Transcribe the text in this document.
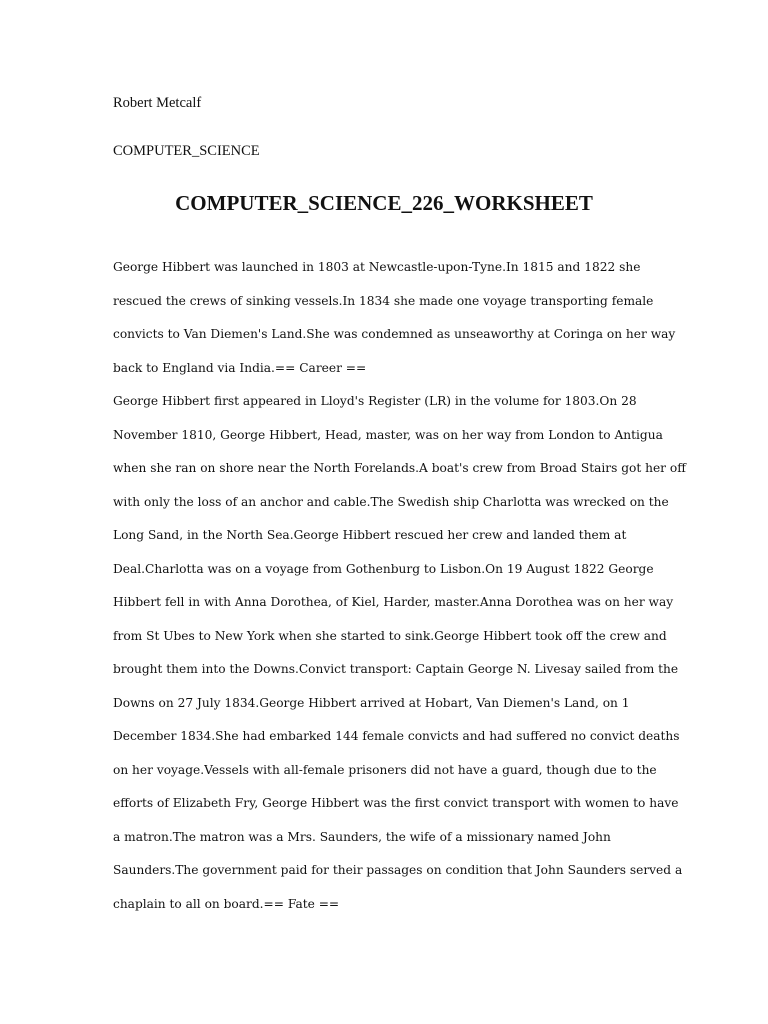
Robert Metcalf
COMPUTER_SCIENCE
COMPUTER_SCIENCE_226_WORKSHEET
George Hibbert was launched in 1803 at Newcastle-upon-Tyne.In 1815 and 1822 she
rescued the crews of sinking vessels.In 1834 she made one voyage transporting female
convicts to Van Diemen's Land.She was condemned as unseaworthy at Coringa on her way
back to England via India.== Career ==
George Hibbert first appeared in Lloyd's Register (LR) in the volume for 1803.On 28
November 1810, George Hibbert, Head, master, was on her way from London to Antigua
when she ran on shore near the North Forelands.A boat's crew from Broad Stairs got her off
with only the loss of an anchor and cable.The Swedish ship Charlotta was wrecked on the
Long Sand, in the North Sea.George Hibbert rescued her crew and landed them at
Deal.Charlotta was on a voyage from Gothenburg to Lisbon.On 19 August 1822 George
Hibbert fell in with Anna Dorothea, of Kiel, Harder, master.Anna Dorothea was on her way
from St Ubes to New York when she started to sink.George Hibbert took off the crew and
brought them into the Downs.Convict transport: Captain George N. Livesay sailed from the
Downs on 27 July 1834.George Hibbert arrived at Hobart, Van Diemen's Land, on 1
December 1834.She had embarked 144 female convicts and had suffered no convict deaths
on her voyage.Vessels with all-female prisoners did not have a guard, though due to the
efforts of Elizabeth Fry, George Hibbert was the first convict transport with women to have
a matron.The matron was a Mrs. Saunders, the wife of a missionary named John
Saunders.The government paid for their passages on condition that John Saunders served a
chaplain to all on board.== Fate ==
